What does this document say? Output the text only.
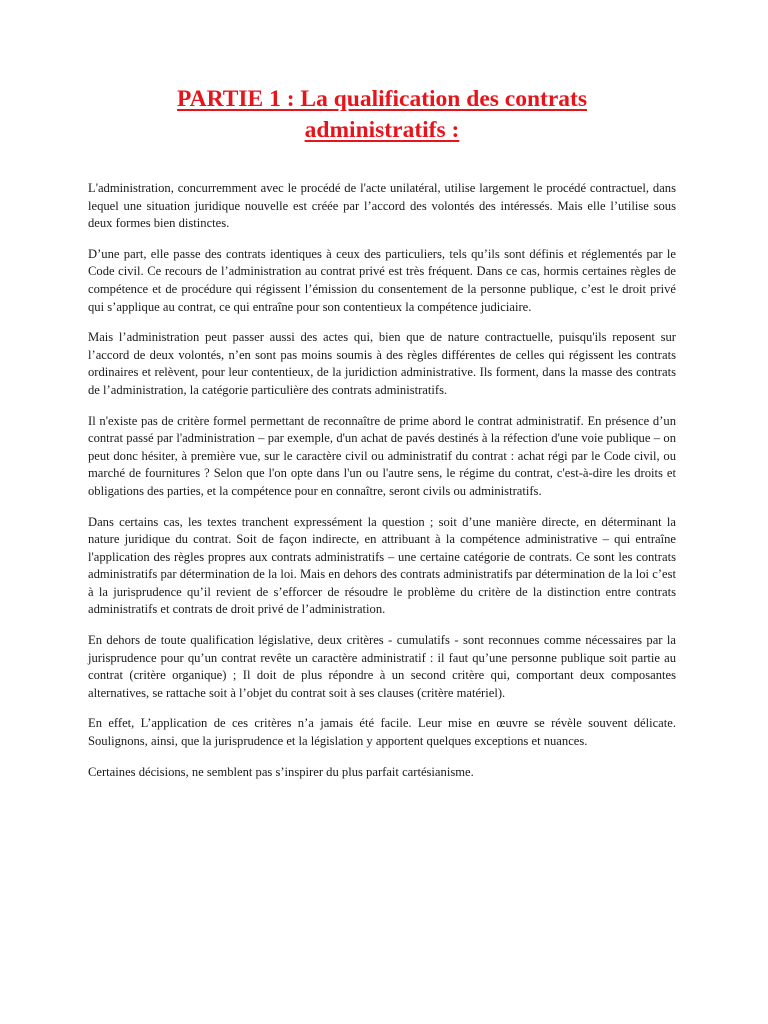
PARTIE 1 : La qualification des contrats
administratifs :

L'administration, concurremment avec le procédé de l'acte unilatéral, utilise largement le procédé contractuel, dans lequel une situation juridique nouvelle est créée par l’accord des volontés des intéressés. Mais elle l’utilise sous deux formes bien distinctes.

D’une part, elle passe des contrats identiques à ceux des particuliers, tels qu’ils sont définis et réglementés par le Code civil. Ce recours de l’administration au contrat privé est très fréquent. Dans ce cas, hormis certaines règles de compétence et de procédure qui régissent l’émission du consentement de la personne publique, c’est le droit privé qui s’applique au contrat, ce qui entraîne pour son contentieux la compétence judiciaire.

Mais l’administration peut passer aussi des actes qui, bien que de nature contractuelle, puisqu'ils reposent sur l’accord de deux volontés, n’en sont pas moins soumis à des règles différentes de celles qui régissent les contrats ordinaires et relèvent, pour leur contentieux, de la juridiction administrative. Ils forment, dans la masse des contrats de l’administration, la catégorie particulière des contrats administratifs.

Il n'existe pas de critère formel permettant de reconnaître de prime abord le contrat administratif. En présence d’un contrat passé par l'administration – par exemple, d'un achat de pavés destinés à la réfection d'une voie publique – on peut donc hésiter, à première vue, sur le caractère civil ou administratif du contrat : achat régi par le Code civil, ou marché de fournitures ? Selon que l'on opte dans l'un ou l'autre sens, le régime du contrat, c'est-à-dire les droits et obligations des parties, et la compétence pour en connaître, seront civils ou administratifs.

Dans certains cas, les textes tranchent expressément la question ; soit d’une manière directe, en déterminant la nature juridique du contrat. Soit de façon indirecte, en attribuant à la compétence administrative – qui entraîne l'application des règles propres aux contrats administratifs – une certaine catégorie de contrats. Ce sont les contrats administratifs par détermination de la loi. Mais en dehors des contrats administratifs par détermination de la loi c’est à la jurisprudence qu’il revient de s’efforcer de résoudre le problème du critère de la distinction entre contrats administratifs et contrats de droit privé de l’administration.

En dehors de toute qualification législative, deux critères - cumulatifs - sont reconnues comme nécessaires par la jurisprudence pour qu’un contrat revête un caractère administratif : il faut qu’une personne publique soit partie au contrat (critère organique) ; Il doit de plus répondre à un second critère qui, comportant deux composantes alternatives, se rattache soit à l’objet du contrat soit à ses clauses (critère matériel).

En effet, L’application de ces critères n’a jamais été facile. Leur mise en œuvre se révèle souvent délicate. Soulignons, ainsi, que la jurisprudence et la législation y apportent quelques exceptions et nuances.

Certaines décisions, ne semblent pas s’inspirer du plus parfait cartésianisme.
